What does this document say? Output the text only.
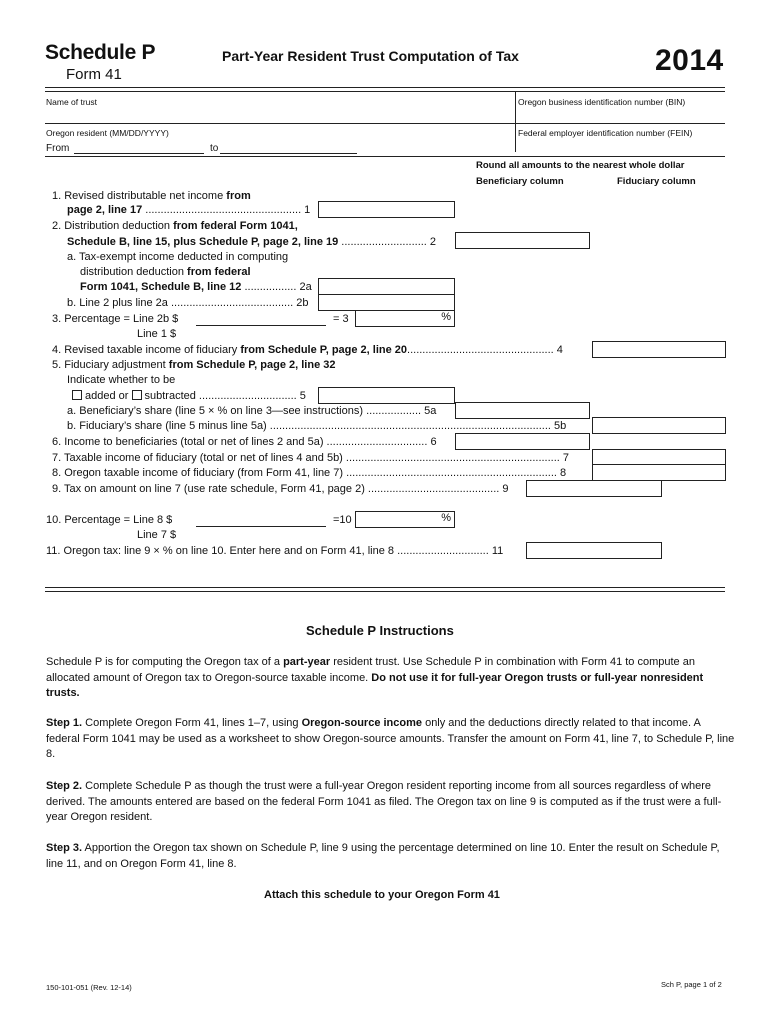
Schedule P
Form 41
Part-Year Resident Trust Computation of Tax	2014
Name of trust	Oregon business identification number (BIN)
Oregon resident (MM/DD/YYYY)	Federal employer identification number (FEIN)
From	to
Round all amounts to the nearest whole dollar
Beneficiary column	Fiduciary column
1. Revised distributable net income from
page 2, line 17 ................................................... 1
2. Distribution deduction from federal Form 1041,
Schedule B, line 15, plus Schedule P, page 2, line 19 ............................ 2
a. Tax-exempt income deducted in computing
distribution deduction from federal
Form 1041, Schedule B, line 12 ................. 2a
b. Line 2 plus line 2a ........................................ 2b
3. Percentage = Line 2b $	= 3	%
Line 1 $
4. Revised taxable income of fiduciary from Schedule P, page 2, line 20................................................ 4
5. Fiduciary adjustment from Schedule P, page 2, line 32
Indicate whether to be
added or subtracted ................................ 5
a. Beneficiary’s share (line 5 × % on line 3—see instructions) .................. 5a
b. Fiduciary’s share (line 5 minus line 5a) ............................................................................................ 5b
6. Income to beneficiaries (total or net of lines 2 and 5a) ................................. 6
7. Taxable income of fiduciary (total or net of lines 4 and 5b) ...................................................................... 7
8. Oregon taxable income of fiduciary (from Form 41, line 7) ..................................................................... 8
9. Tax on amount on line 7 (use rate schedule, Form 41, page 2) ........................................... 9
10. Percentage = Line 8 $	=10	%
Line 7 $
11. Oregon tax: line 9 × % on line 10. Enter here and on Form 41, line 8 .............................. 11
Schedule P Instructions
Schedule P is for computing the Oregon tax of a part-year resident trust. Use Schedule P in combination with Form 41 to compute an allocated amount of Oregon tax to Oregon-source taxable income. Do not use it for full-year Oregon trusts or full-year nonresident trusts.
Step 1. Complete Oregon Form 41, lines 1–7, using Oregon-source income only and the deductions directly related to that income. A federal Form 1041 may be used as a worksheet to show Oregon-source amounts. Transfer the amount on Form 41, line 7, to Schedule P, line 8.
Step 2. Complete Schedule P as though the trust were a full-year Oregon resident reporting income from all sources regardless of where derived. The amounts entered are based on the federal Form 1041 as filed. The Oregon tax on line 9 is computed as if the trust were a full-year Oregon resident.
Step 3. Apportion the Oregon tax shown on Schedule P, line 9 using the percentage determined on line 10. Enter the result on Schedule P, line 11, and on Oregon Form 41, line 8.
Attach this schedule to your Oregon Form 41
150-101-051 (Rev. 12-14)	Sch P, page 1 of 2
